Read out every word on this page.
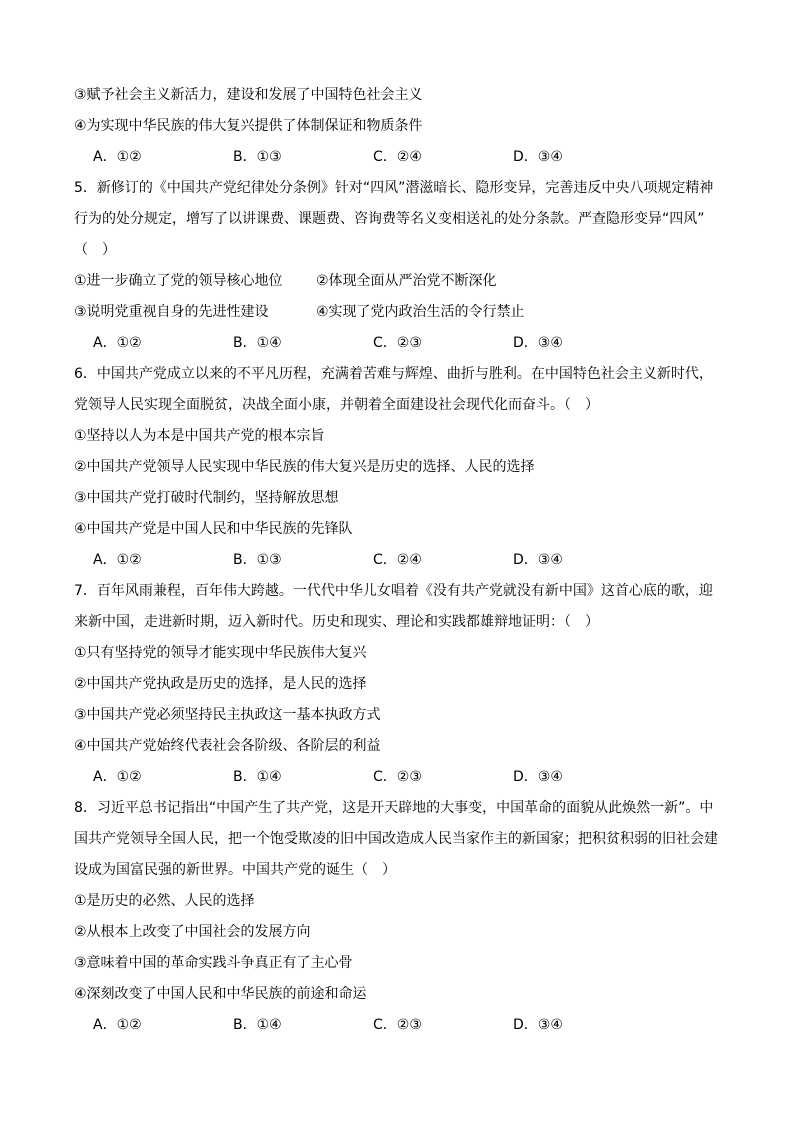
③赋予社会主义新活力，建设和发展了中国特色社会主义
④为实现中华民族的伟大复兴提供了体制保证和物质条件
A．①②	B．①③	C．②④	D．③④
5．新修订的《中国共产党纪律处分条例》针对“四风”潜滋暗长、隐形变异，完善违反中央八项规定精神
行为的处分规定，增写了以讲课费、课题费、咨询费等名义变相送礼的处分条款。严查隐形变异“四风”
（　）
①进一步确立了党的领导核心地位	②体现全面从严治党不断深化
③说明党重视自身的先进性建设	④实现了党内政治生活的令行禁止
A．①②	B．①④	C．②③	D．③④
6．中国共产党成立以来的不平凡历程，充满着苦难与辉煌、曲折与胜利。在中国特色社会主义新时代，
党领导人民实现全面脱贫，决战全面小康，并朝着全面建设社会现代化而奋斗。（　）
①坚持以人为本是中国共产党的根本宗旨
②中国共产党领导人民实现中华民族的伟大复兴是历史的选择、人民的选择
③中国共产党打破时代制约，坚持解放思想
④中国共产党是中国人民和中华民族的先锋队
A．①②	B．①③	C．②④	D．③④
7．百年风雨兼程，百年伟大跨越。一代代中华儿女唱着《没有共产党就没有新中国》这首心底的歌，迎
来新中国，走进新时期，迈入新时代。历史和现实、理论和实践都雄辩地证明：（　）
①只有坚持党的领导才能实现中华民族伟大复兴
②中国共产党执政是历史的选择，是人民的选择
③中国共产党必须坚持民主执政这一基本执政方式
④中国共产党始终代表社会各阶级、各阶层的利益
A．①②	B．①④	C．②③	D．③④
8．习近平总书记指出“中国产生了共产党，这是开天辟地的大事变，中国革命的面貌从此焕然一新”。中
国共产党领导全国人民，把一个饱受欺凌的旧中国改造成人民当家作主的新国家；把积贫积弱的旧社会建
设成为国富民强的新世界。中国共产党的诞生（　）
①是历史的必然、人民的选择
②从根本上改变了中国社会的发展方向
③意味着中国的革命实践斗争真正有了主心骨
④深刻改变了中国人民和中华民族的前途和命运
A．①②	B．①④	C．②③	D．③④
